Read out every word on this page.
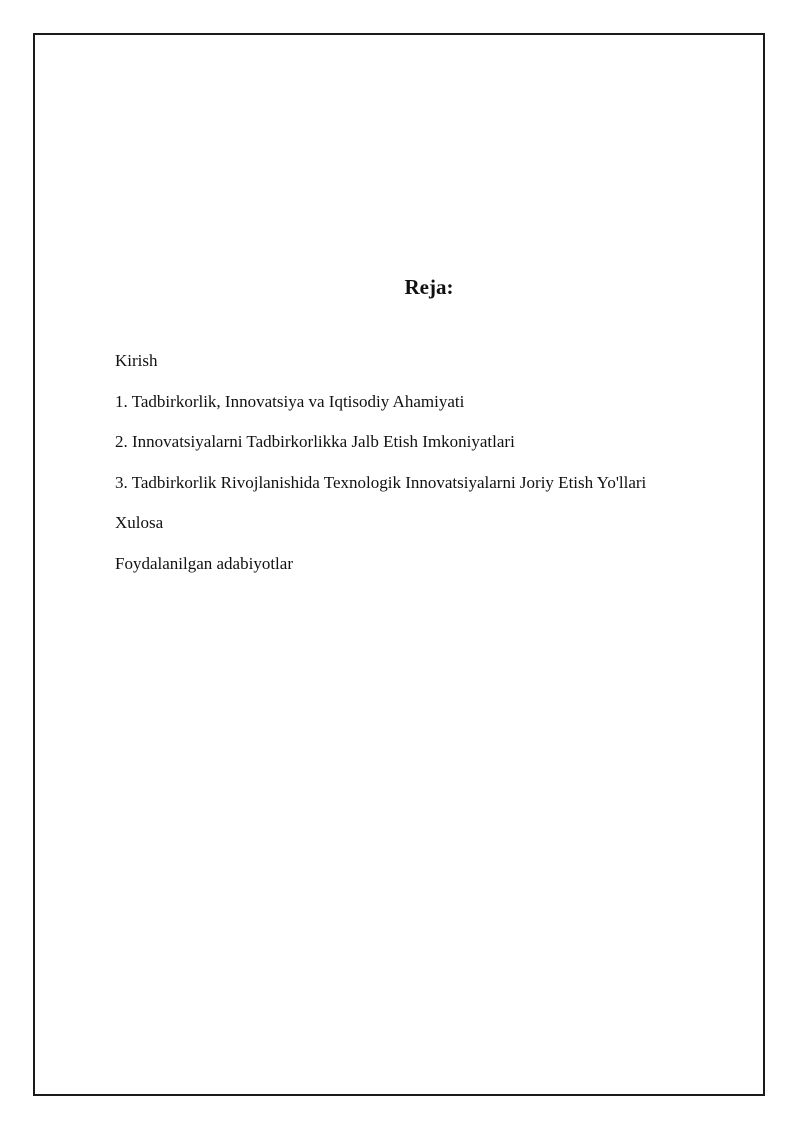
Reja:
Kirish
1. Tadbirkorlik, Innovatsiya va Iqtisodiy Ahamiyati
2. Innovatsiyalarni Tadbirkorlikka Jalb Etish Imkoniyatlari
3. Tadbirkorlik Rivojlanishida Texnologik Innovatsiyalarni Joriy Etish Yo'llari
Xulosa
Foydalanilgan adabiyotlar
